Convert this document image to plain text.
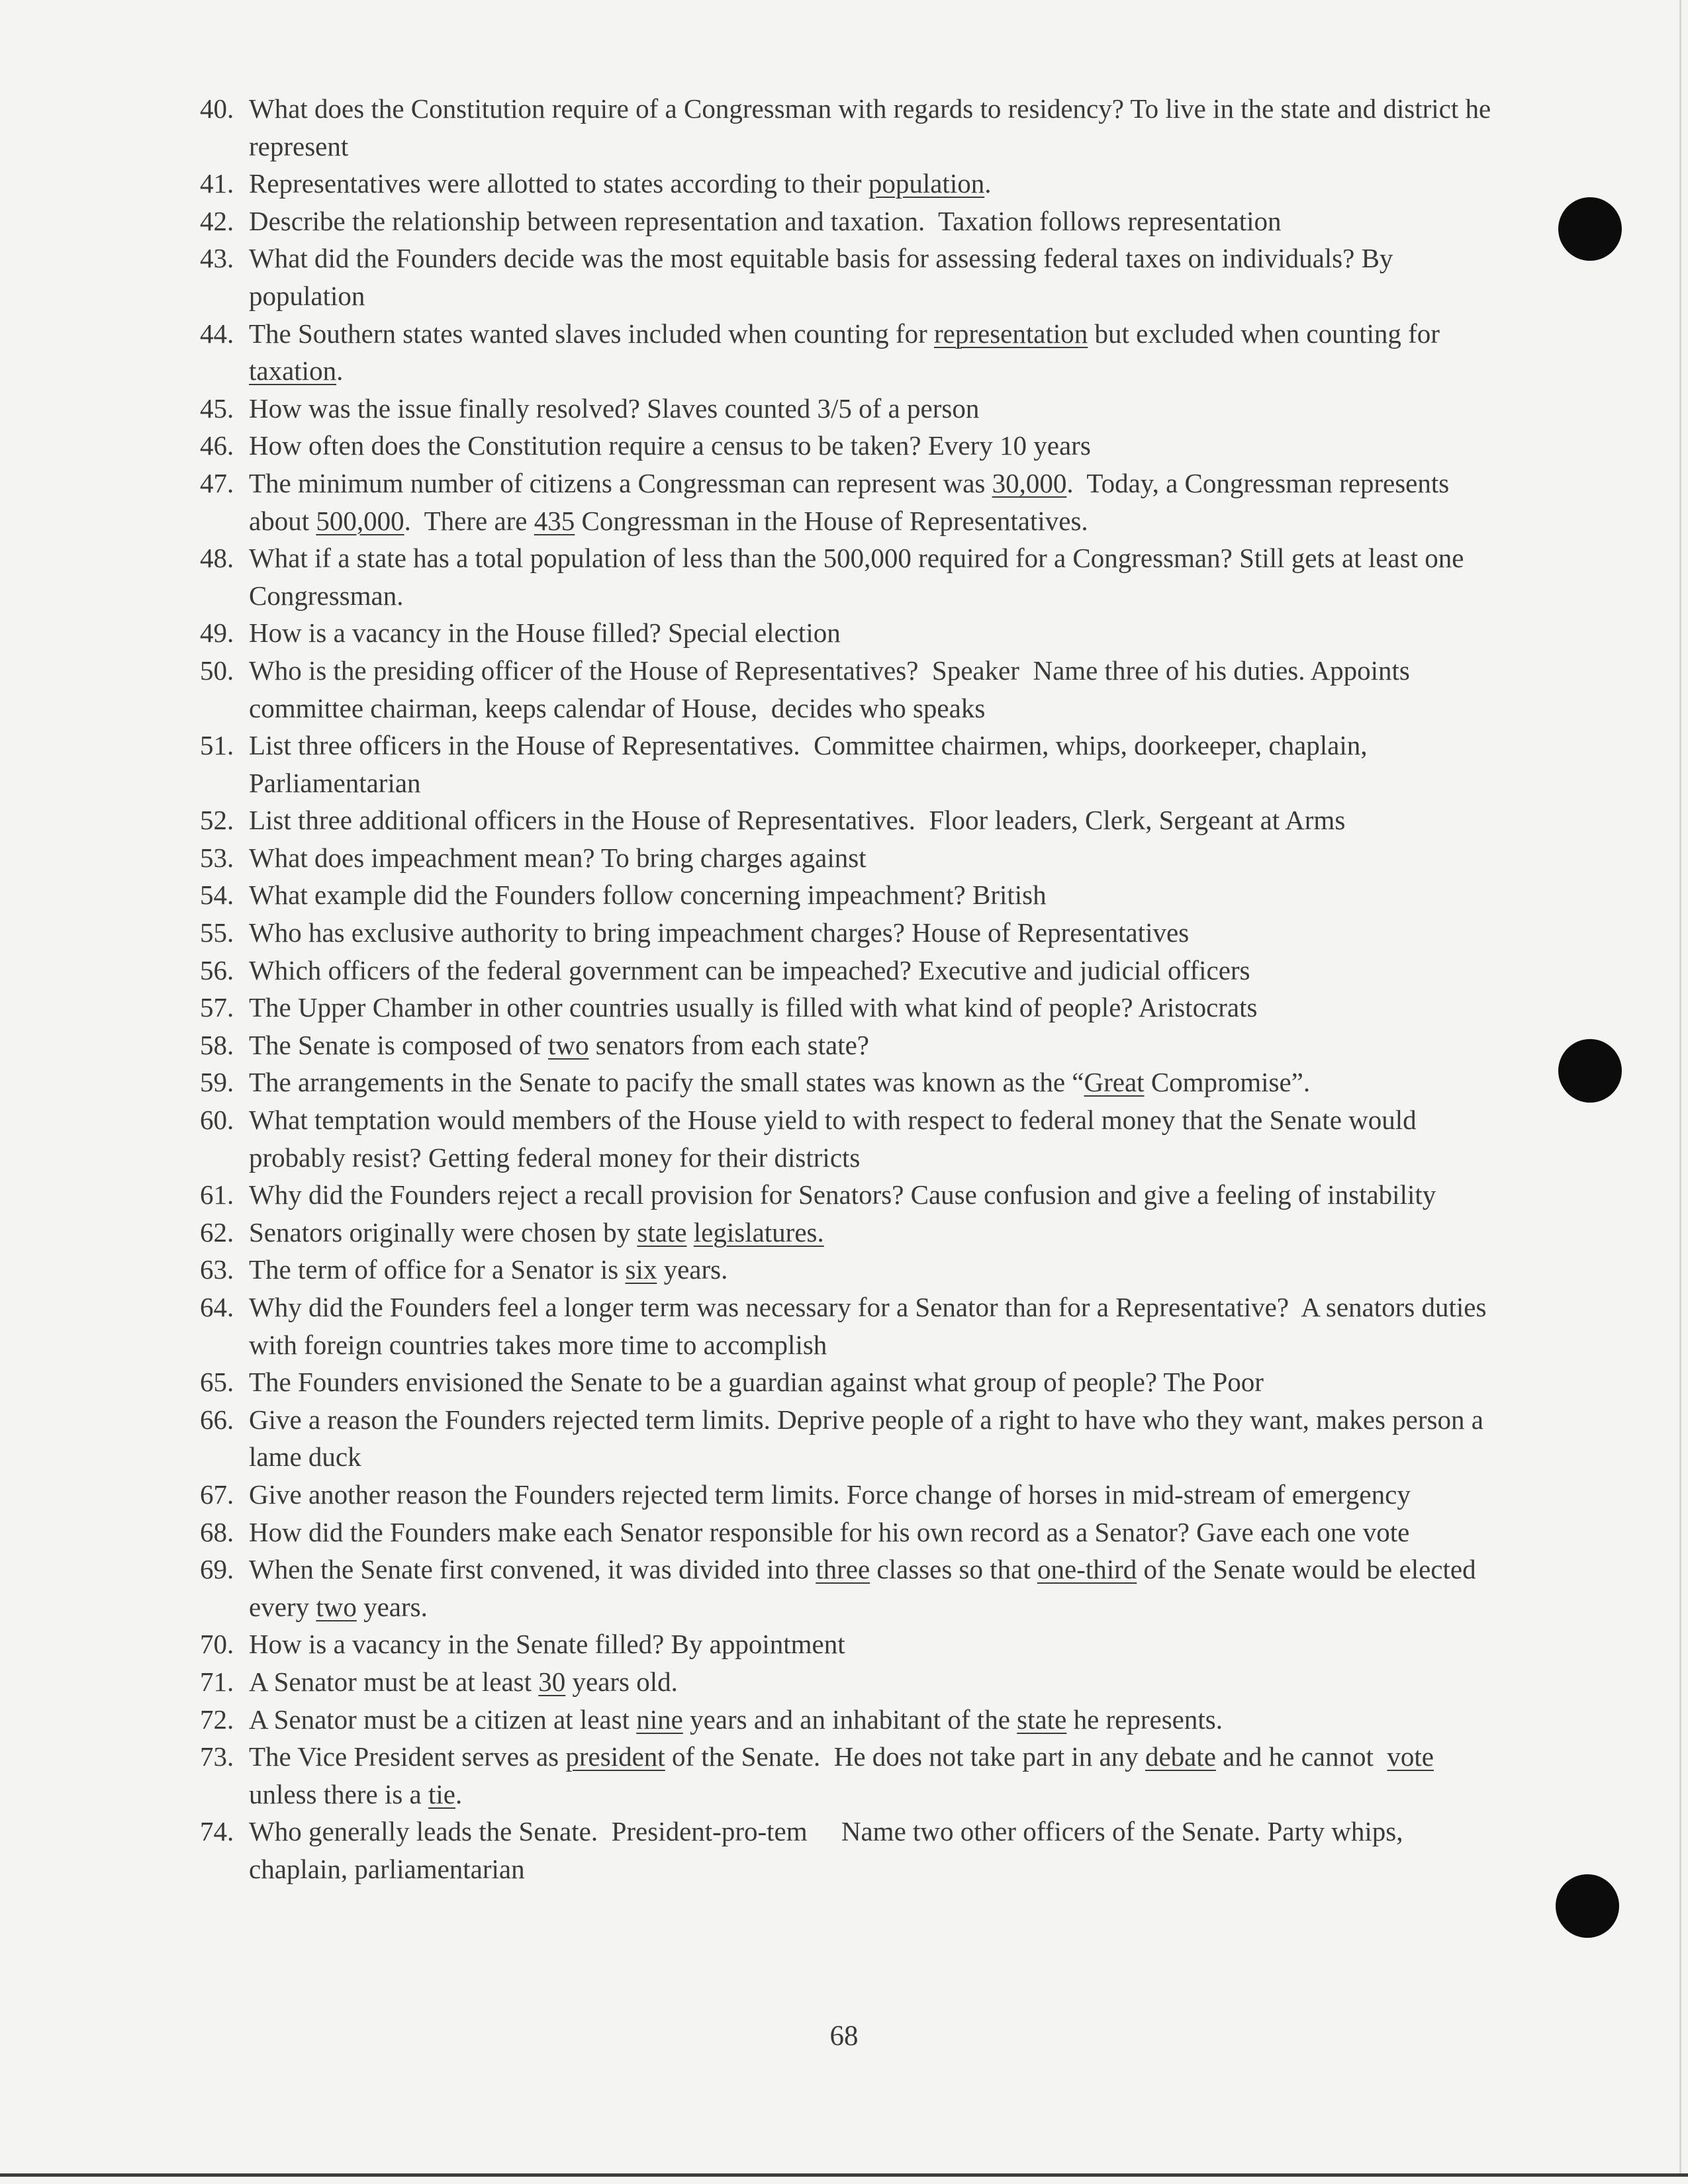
40. What does the Constitution require of a Congressman with regards to residency? To live in the state and district he represent
41. Representatives were allotted to states according to their population.
42. Describe the relationship between representation and taxation.  Taxation follows representation
43. What did the Founders decide was the most equitable basis for assessing federal taxes on individuals? By population
44. The Southern states wanted slaves included when counting for representation but excluded when counting for taxation.
45. How was the issue finally resolved? Slaves counted 3/5 of a person
46. How often does the Constitution require a census to be taken? Every 10 years
47. The minimum number of citizens a Congressman can represent was 30,000.  Today, a Congressman represents about 500,000.  There are 435 Congressman in the House of Representatives.
48. What if a state has a total population of less than the 500,000 required for a Congressman? Still gets at least one Congressman.
49. How is a vacancy in the House filled? Special election
50. Who is the presiding officer of the House of Representatives?  Speaker  Name three of his duties. Appoints committee chairman, keeps calendar of House,  decides who speaks
51. List three officers in the House of Representatives.  Committee chairmen, whips, doorkeeper, chaplain, Parliamentarian
52. List three additional officers in the House of Representatives.  Floor leaders, Clerk, Sergeant at Arms
53. What does impeachment mean? To bring charges against
54. What example did the Founders follow concerning impeachment? British
55. Who has exclusive authority to bring impeachment charges? House of Representatives
56. Which officers of the federal government can be impeached? Executive and judicial officers
57. The Upper Chamber in other countries usually is filled with what kind of people? Aristocrats
58. The Senate is composed of two senators from each state?
59. The arrangements in the Senate to pacify the small states was known as the “Great Compromise”.
60. What temptation would members of the House yield to with respect to federal money that the Senate would probably resist? Getting federal money for their districts
61. Why did the Founders reject a recall provision for Senators? Cause confusion and give a feeling of instability
62. Senators originally were chosen by state legislatures.
63. The term of office for a Senator is six years.
64. Why did the Founders feel a longer term was necessary for a Senator than for a Representative?  A senators duties with foreign countries takes more time to accomplish
65. The Founders envisioned the Senate to be a guardian against what group of people? The Poor
66. Give a reason the Founders rejected term limits. Deprive people of a right to have who they want, makes person a lame duck
67. Give another reason the Founders rejected term limits. Force change of horses in mid-stream of emergency
68. How did the Founders make each Senator responsible for his own record as a Senator? Gave each one vote
69. When the Senate first convened, it was divided into three classes so that one-third of the Senate would be elected every two years.
70. How is a vacancy in the Senate filled? By appointment
71. A Senator must be at least 30 years old.
72. A Senator must be a citizen at least nine years and an inhabitant of the state he represents.
73. The Vice President serves as president of the Senate.  He does not take part in any debate and he cannot  vote unless there is a tie.
74. Who generally leads the Senate.  President-pro-tem     Name two other officers of the Senate. Party whips, chaplain, parliamentarian
68
